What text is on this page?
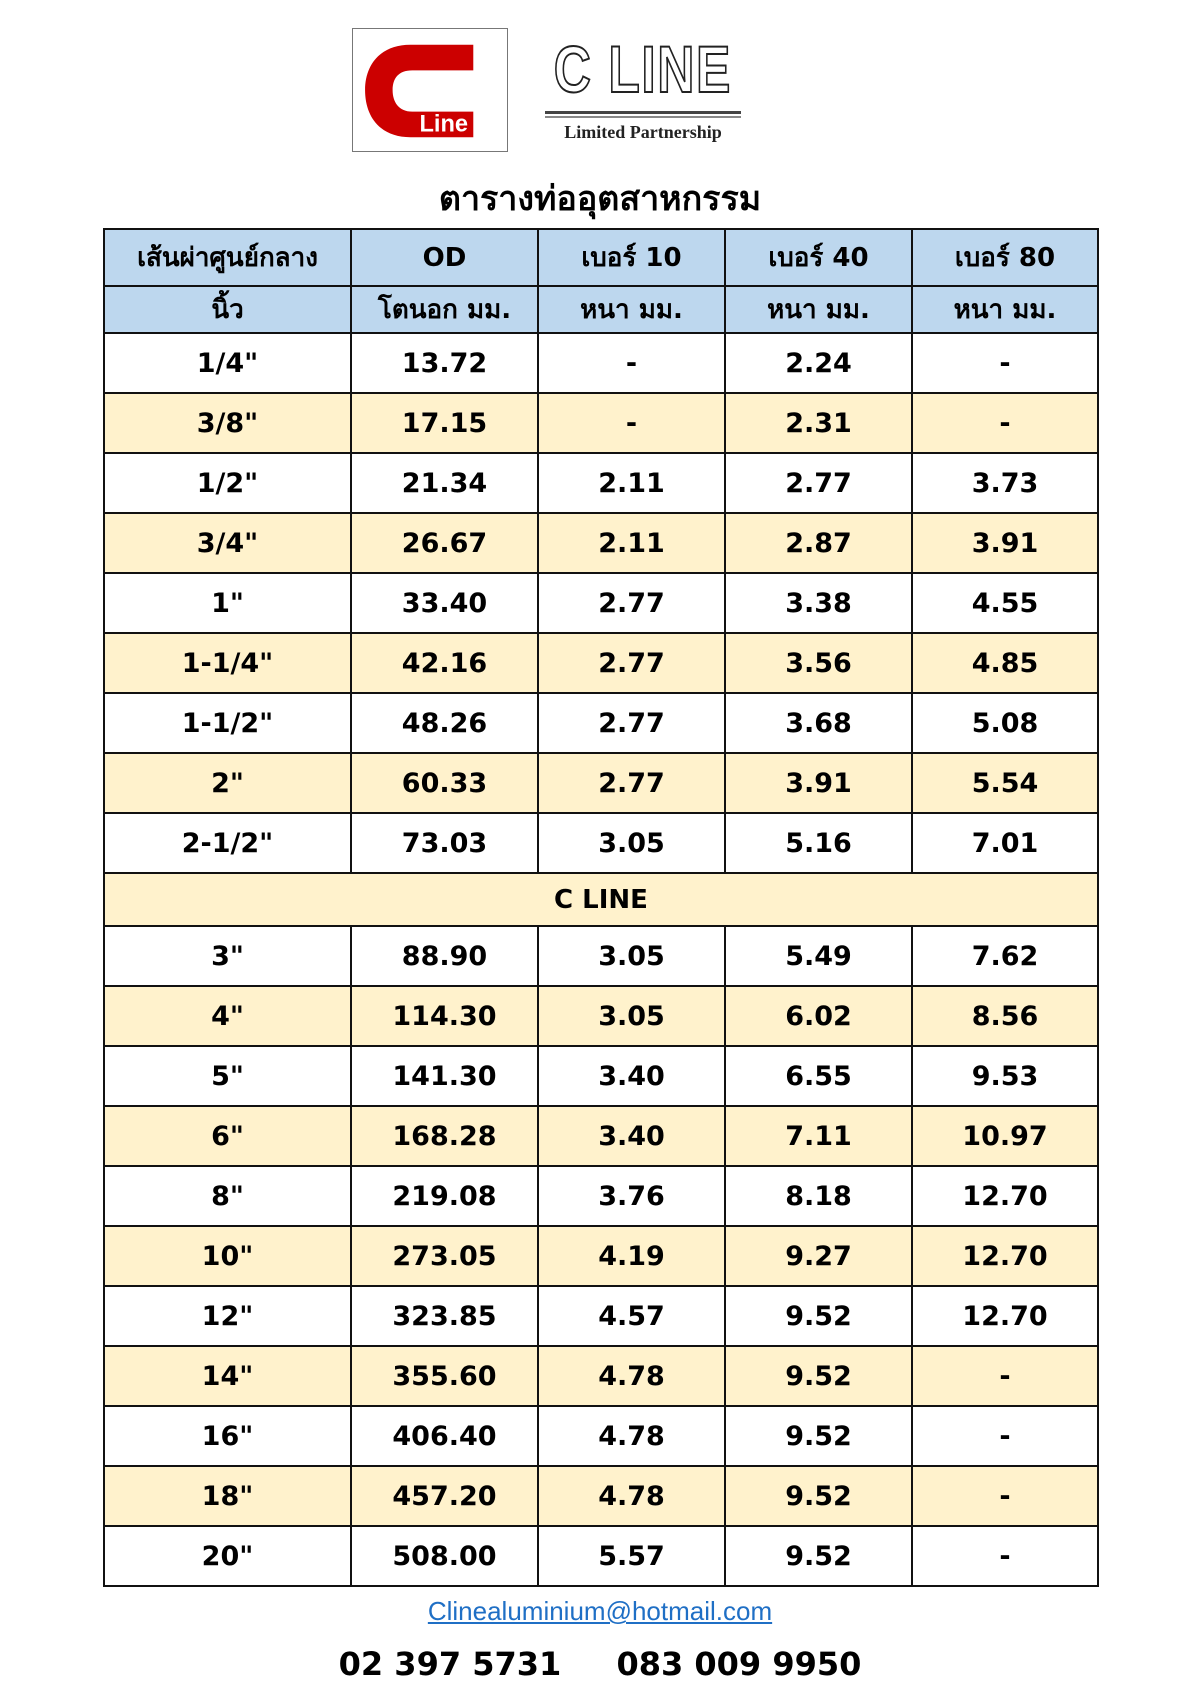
Line
C LINE
Limited Partnership
ตารางท่ออุตสาหกรรม
เส้นผ่าศูนย์กลาง	OD	เบอร์ 10	เบอร์ 40	เบอร์ 80
นิ้ว	โตนอก มม.	หนา มม.	หนา มม.	หนา มม.
1/4"	13.72	-	2.24	-
3/8"	17.15	-	2.31	-
1/2"	21.34	2.11	2.77	3.73
3/4"	26.67	2.11	2.87	3.91
1"	33.40	2.77	3.38	4.55
1-1/4"	42.16	2.77	3.56	4.85
1-1/2"	48.26	2.77	3.68	5.08
2"	60.33	2.77	3.91	5.54
2-1/2"	73.03	3.05	5.16	7.01
C LINE				
3"	88.90	3.05	5.49	7.62
4"	114.30	3.05	6.02	8.56
5"	141.30	3.40	6.55	9.53
6"	168.28	3.40	7.11	10.97
8"	219.08	3.76	8.18	12.70
10"	273.05	4.19	9.27	12.70
12"	323.85	4.57	9.52	12.70
14"	355.60	4.78	9.52	-
16"	406.40	4.78	9.52	-
18"	457.20	4.78	9.52	-
20"	508.00	5.57	9.52	-
Clinealuminium@hotmail.com
02 397 5731 083 009 9950
